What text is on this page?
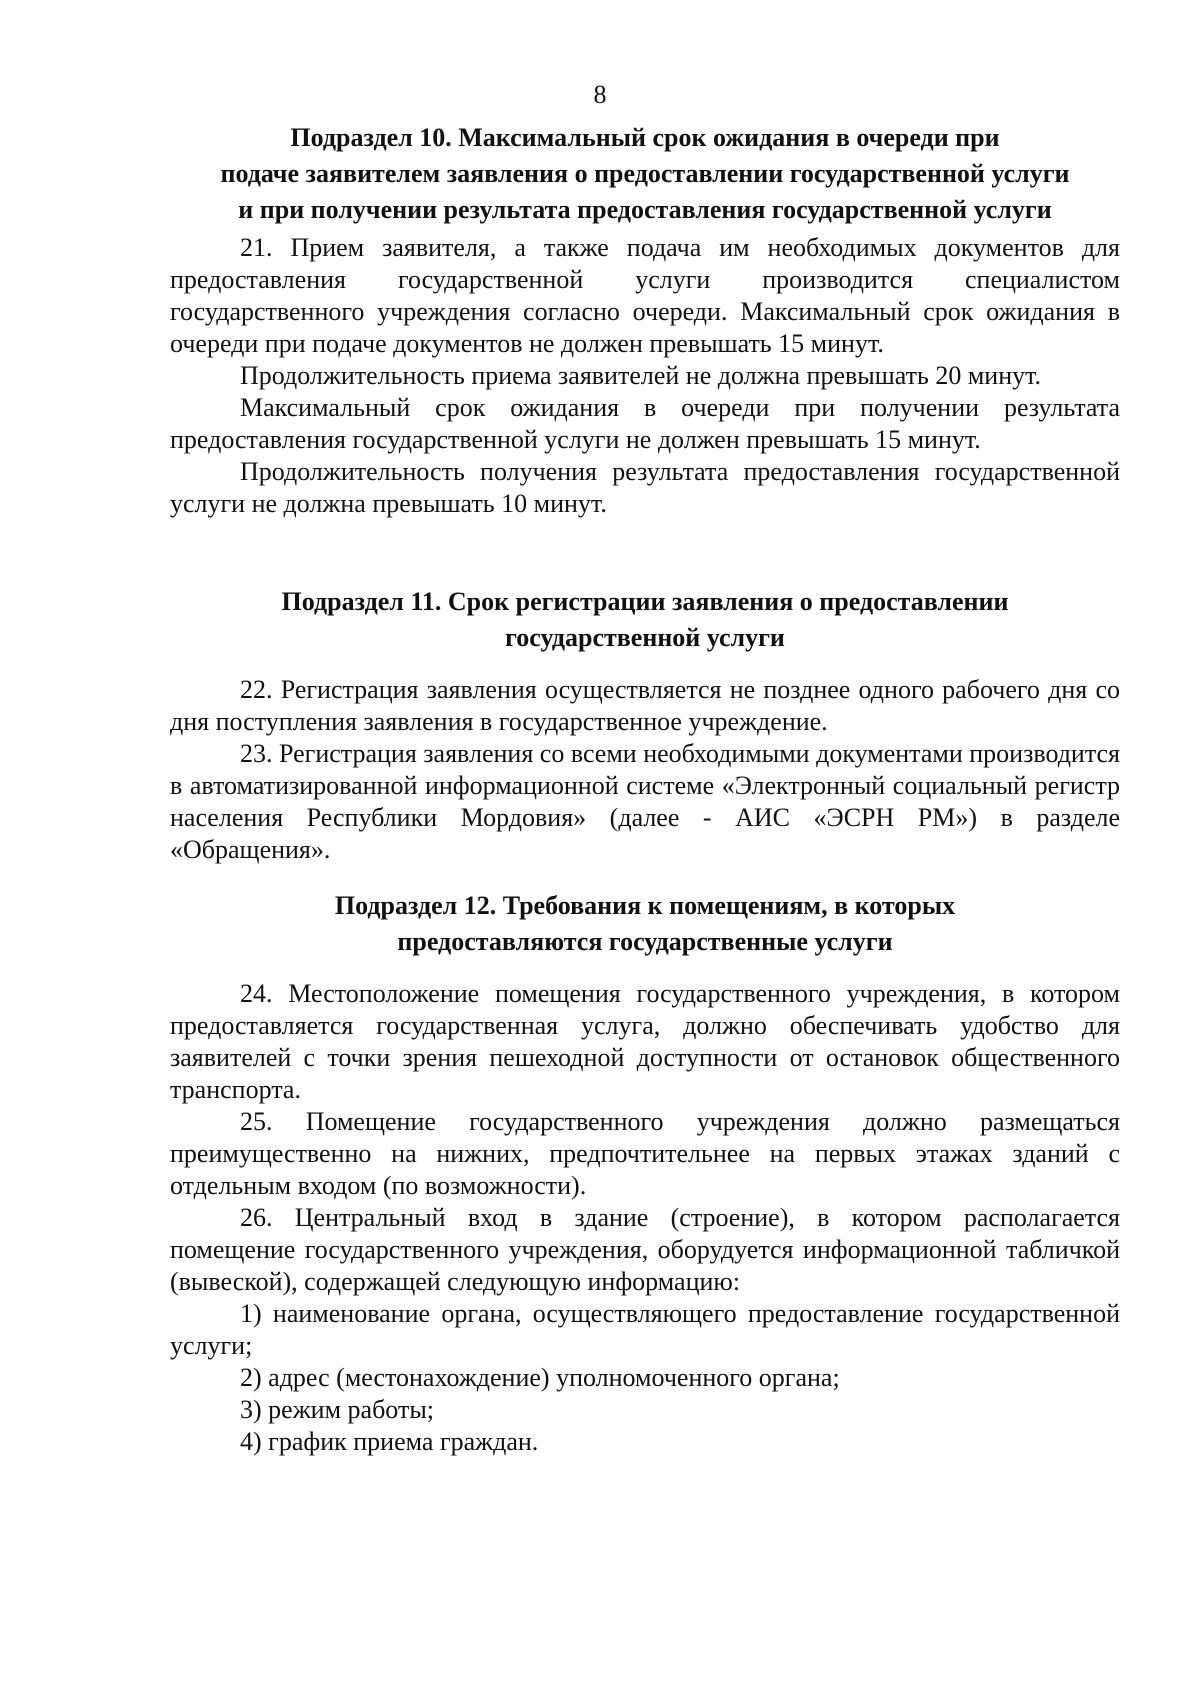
8
Подраздел 10. Максимальный срок ожидания в очереди при
подаче заявителем заявления о предоставлении государственной услуги
и при получении результата предоставления государственной услуги

21. Прием заявителя, а также подача им необходимых документов для предоставления государственной услуги производится специалистом государственного учреждения согласно очереди. Максимальный срок ожидания в очереди при подаче документов не должен превышать 15 минут.

Продолжительность приема заявителей не должна превышать 20 минут.

Максимальный срок ожидания в очереди при получении результата предоставления государственной услуги не должен превышать 15 минут.

Продолжительность получения результата предоставления государственной услуги не должна превышать 10 минут.

Подраздел 11. Срок регистрации заявления о предоставлении
государственной услуги

22. Регистрация заявления осуществляется не позднее одного рабочего дня со дня поступления заявления в государственное учреждение.

23. Регистрация заявления со всеми необходимыми документами производится в автоматизированной информационной системе «Электронный социальный регистр населения Республики Мордовия» (далее - АИС «ЭСРН РМ») в разделе «Обращения».

Подраздел 12. Требования к помещениям, в которых
предоставляются государственные услуги

24. Местоположение помещения государственного учреждения, в котором предоставляется государственная услуга, должно обеспечивать удобство для заявителей с точки зрения пешеходной доступности от остановок общественного транспорта.

25. Помещение государственного учреждения должно размещаться преимущественно на нижних, предпочтительнее на первых этажах зданий с отдельным входом (по возможности).

26. Центральный вход в здание (строение), в котором располагается помещение государственного учреждения, оборудуется информационной табличкой (вывеской), содержащей следующую информацию:

1) наименование органа, осуществляющего предоставление государственной услуги;

2) адрес (местонахождение) уполномоченного органа;

3) режим работы;

4) график приема граждан.
